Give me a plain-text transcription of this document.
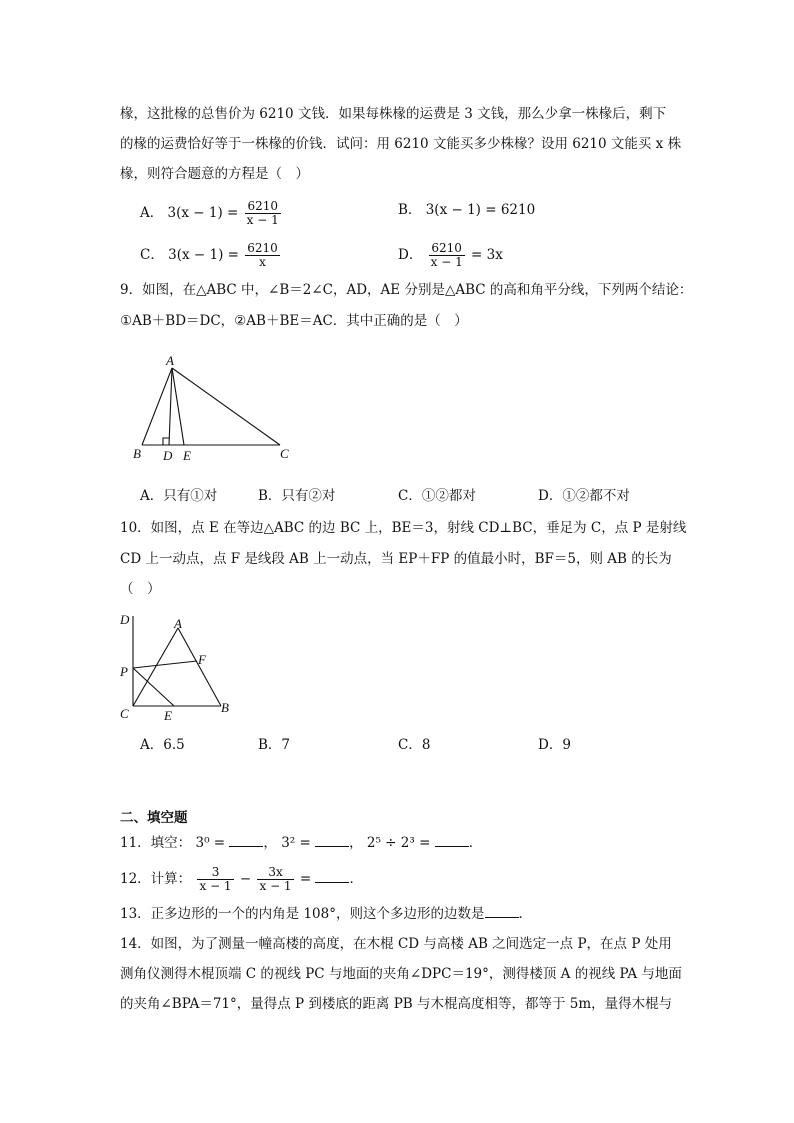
椽，这批椽的总售价为 6210 文钱．如果每株椽的运费是 3 文钱，那么少拿一株椽后，剩下
的椽的运费恰好等于一株椽的价钱．试问：用 6210 文能买多少株椽？设用 6210 文能买 x 株
椽，则符合题意的方程是（　）
A． $3(x - 1) = \frac{6210}{x - 1}$	B． 3(x − 1) = 6210
C． $3(x - 1) = \frac{6210}{x}$	D． $\frac{6210}{x - 1} = 3x$
9．如图，在△ABC 中，∠B＝2∠C，AD，AE 分别是△ABC 的高和角平分线，下列两个结论：
①AB＋BD＝DC，②AB＋BE＝AC．其中正确的是（　）
A
B D E	C
A．只有①对	B．只有②对	C．①②都对	D．①②都不对
10．如图，点 E 在等边△ABC 的边 BC 上，BE＝3，射线 CD⊥BC，垂足为 C，点 P 是射线
CD 上一动点，点 F 是线段 AB 上一动点，当 EP＋FP 的值最小时，BF＝5，则 AB 的长为
（　）
D	A
F
P
C	E
B
A．6.5	B．7	C．8	D．9
二、填空题
11．填空： 3⁰ =	， 3² =	， 2⁵ ÷ 2³ =	．
12．计算： $\frac{3}{x - 1} - \frac{3x}{x - 1}$ =	．
13．正多边形的一个的内角是 108°，则这个多边形的边数是	．
14．如图，为了测量一幢高楼的高度，在木棍 CD 与高楼 AB 之间选定一点 P，在点 P 处用
测角仪测得木棍顶端 C 的视线 PC 与地面的夹角∠DPC＝19°，测得楼顶 A 的视线 PA 与地面
的夹角∠BPA＝71°，量得点 P 到楼底的距离 PB 与木棍高度相等，都等于 5m，量得木棍与
